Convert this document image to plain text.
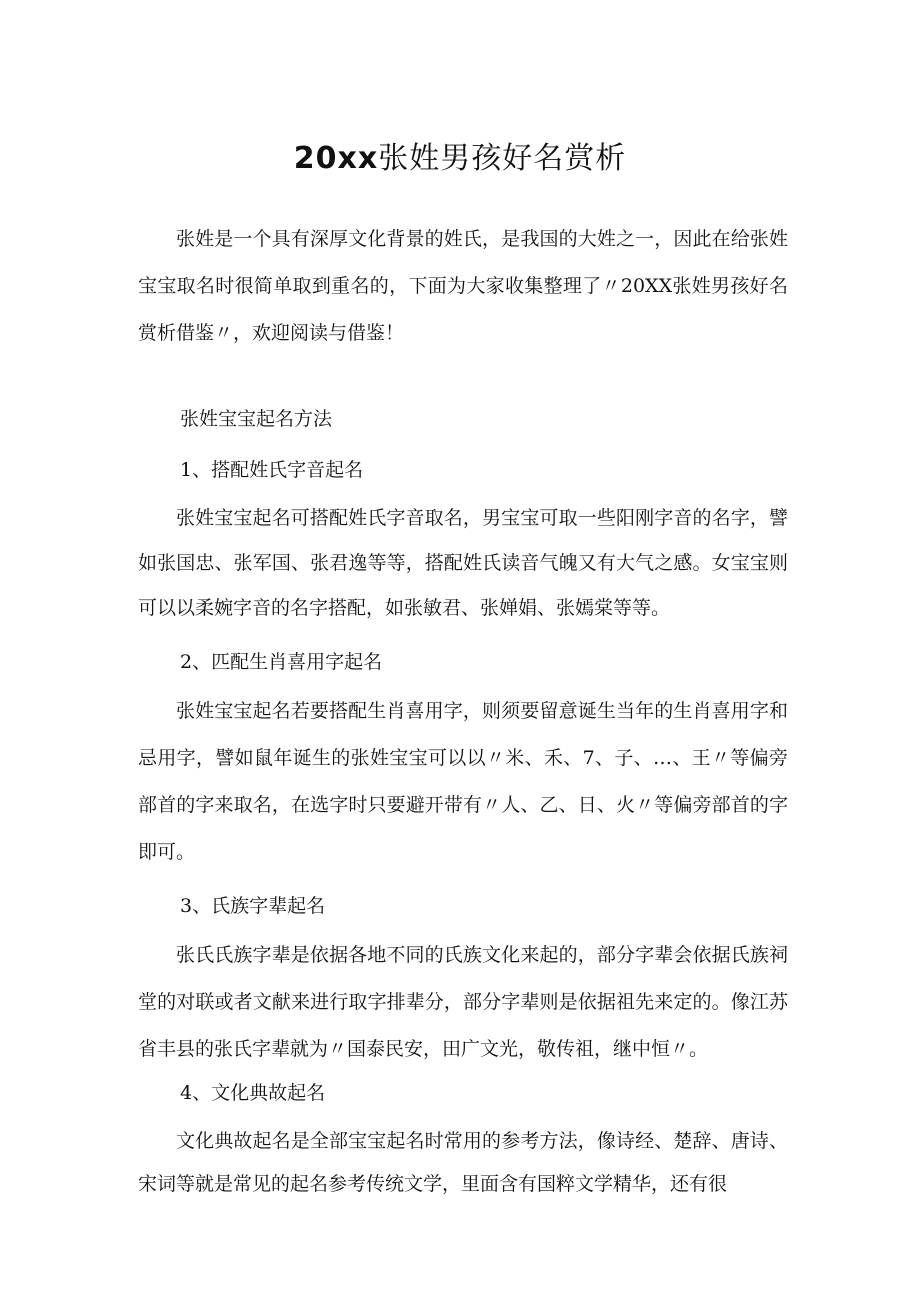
20xx张姓男孩好名赏析

张姓是一个具有深厚文化背景的姓氏，是我国的大姓之一，因此在给张姓宝宝取名时很简单取到重名的，下面为大家收集整理了〃20XX张姓男孩好名赏析借鉴〃，欢迎阅读与借鉴！

张姓宝宝起名方法

1、搭配姓氏字音起名

张姓宝宝起名可搭配姓氏字音取名，男宝宝可取一些阳刚字音的名字，譬如张国忠、张军国、张君逸等等，搭配姓氏读音气魄又有大气之感。女宝宝则可以以柔婉字音的名字搭配，如张敏君、张婵娟、张嫣棠等等。

2、匹配生肖喜用字起名

张姓宝宝起名若要搭配生肖喜用字，则须要留意诞生当年的生肖喜用字和忌用字，譬如鼠年诞生的张姓宝宝可以以〃米、禾、7、子、…、王〃等偏旁部首的字来取名，在选字时只要避开带有〃人、乙、日、火〃等偏旁部首的字即可。

3、氏族字辈起名

张氏氏族字辈是依据各地不同的氏族文化来起的，部分字辈会依据氏族祠堂的对联或者文献来进行取字排辈分，部分字辈则是依据祖先来定的。像江苏省丰县的张氏字辈就为〃国泰民安，田广文光，敬传祖，继中恒〃。

4、文化典故起名

文化典故起名是全部宝宝起名时常用的参考方法，像诗经、楚辞、唐诗、宋词等就是常见的起名参考传统文学，里面含有国粹文学精华，还有很
